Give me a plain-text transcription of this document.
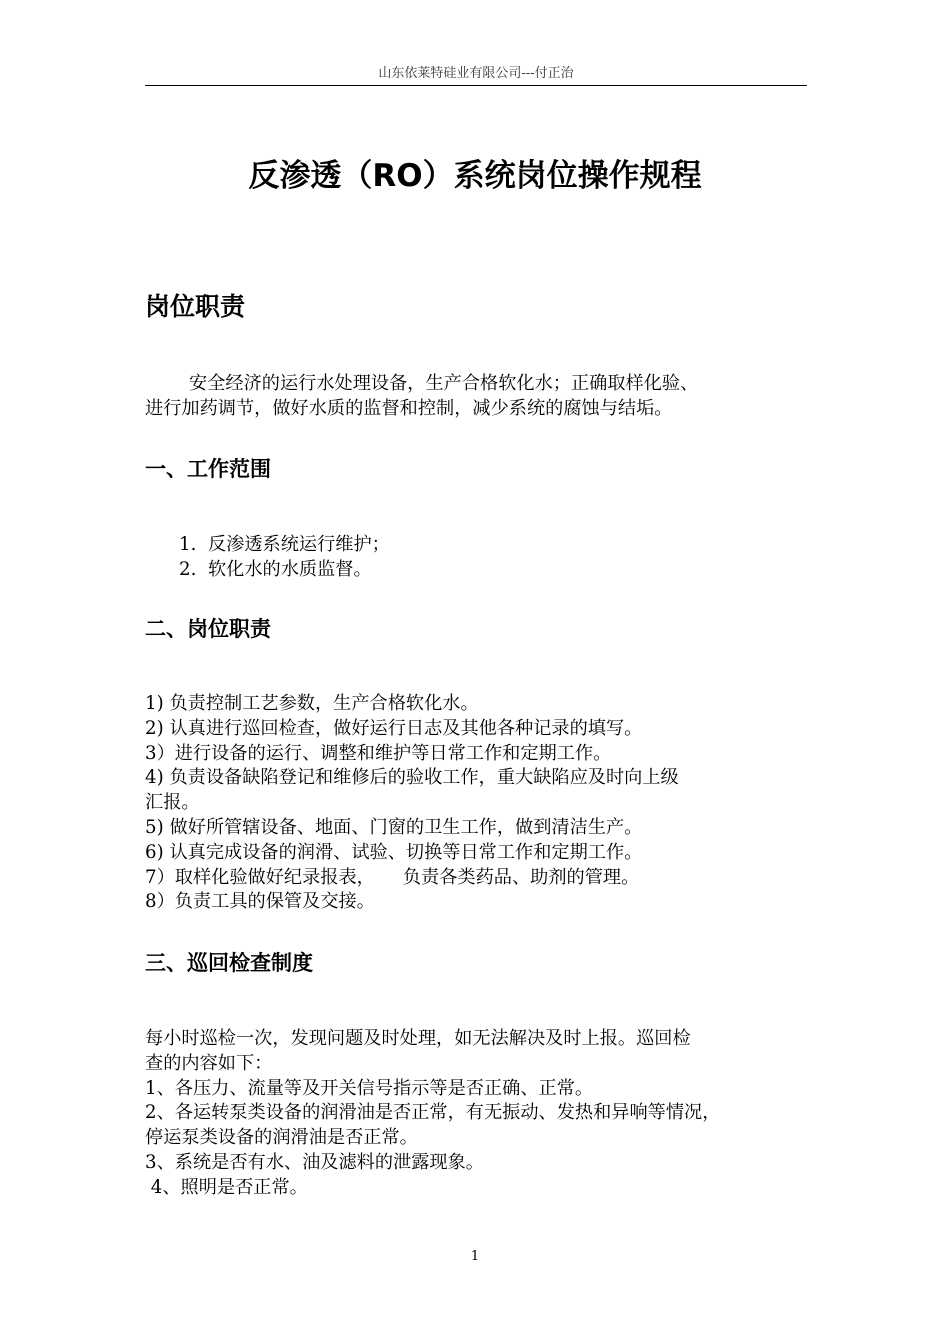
山东依莱特硅业有限公司---付正治
反渗透（RO）系统岗位操作规程
岗位职责
安全经济的运行水处理设备，生产合格软化水；正确取样化验、
进行加药调节，做好水质的监督和控制，减少系统的腐蚀与结垢。
一、工作范围
1. 反渗透系统运行维护；
2. 软化水的水质监督。
二、岗位职责
1) 负责控制工艺参数，生产合格软化水。
2) 认真进行巡回检查，做好运行日志及其他各种记录的填写。
3）进行设备的运行、调整和维护等日常工作和定期工作。
4) 负责设备缺陷登记和维修后的验收工作，重大缺陷应及时向上级
汇报。
5) 做好所管辖设备、地面、门窗的卫生工作，做到清洁生产。
6) 认真完成设备的润滑、试验、切换等日常工作和定期工作。
7）取样化验做好纪录报表， 负责各类药品、助剂的管理。
8）负责工具的保管及交接。
三、巡回检查制度
每小时巡检一次，发现问题及时处理，如无法解决及时上报。巡回检
查的内容如下：
1、各压力、流量等及开关信号指示等是否正确、正常。
2、各运转泵类设备的润滑油是否正常，有无振动、发热和异响等情况，
停运泵类设备的润滑油是否正常。
3、系统是否有水、油及滤料的泄露现象。
4、照明是否正常。
1
